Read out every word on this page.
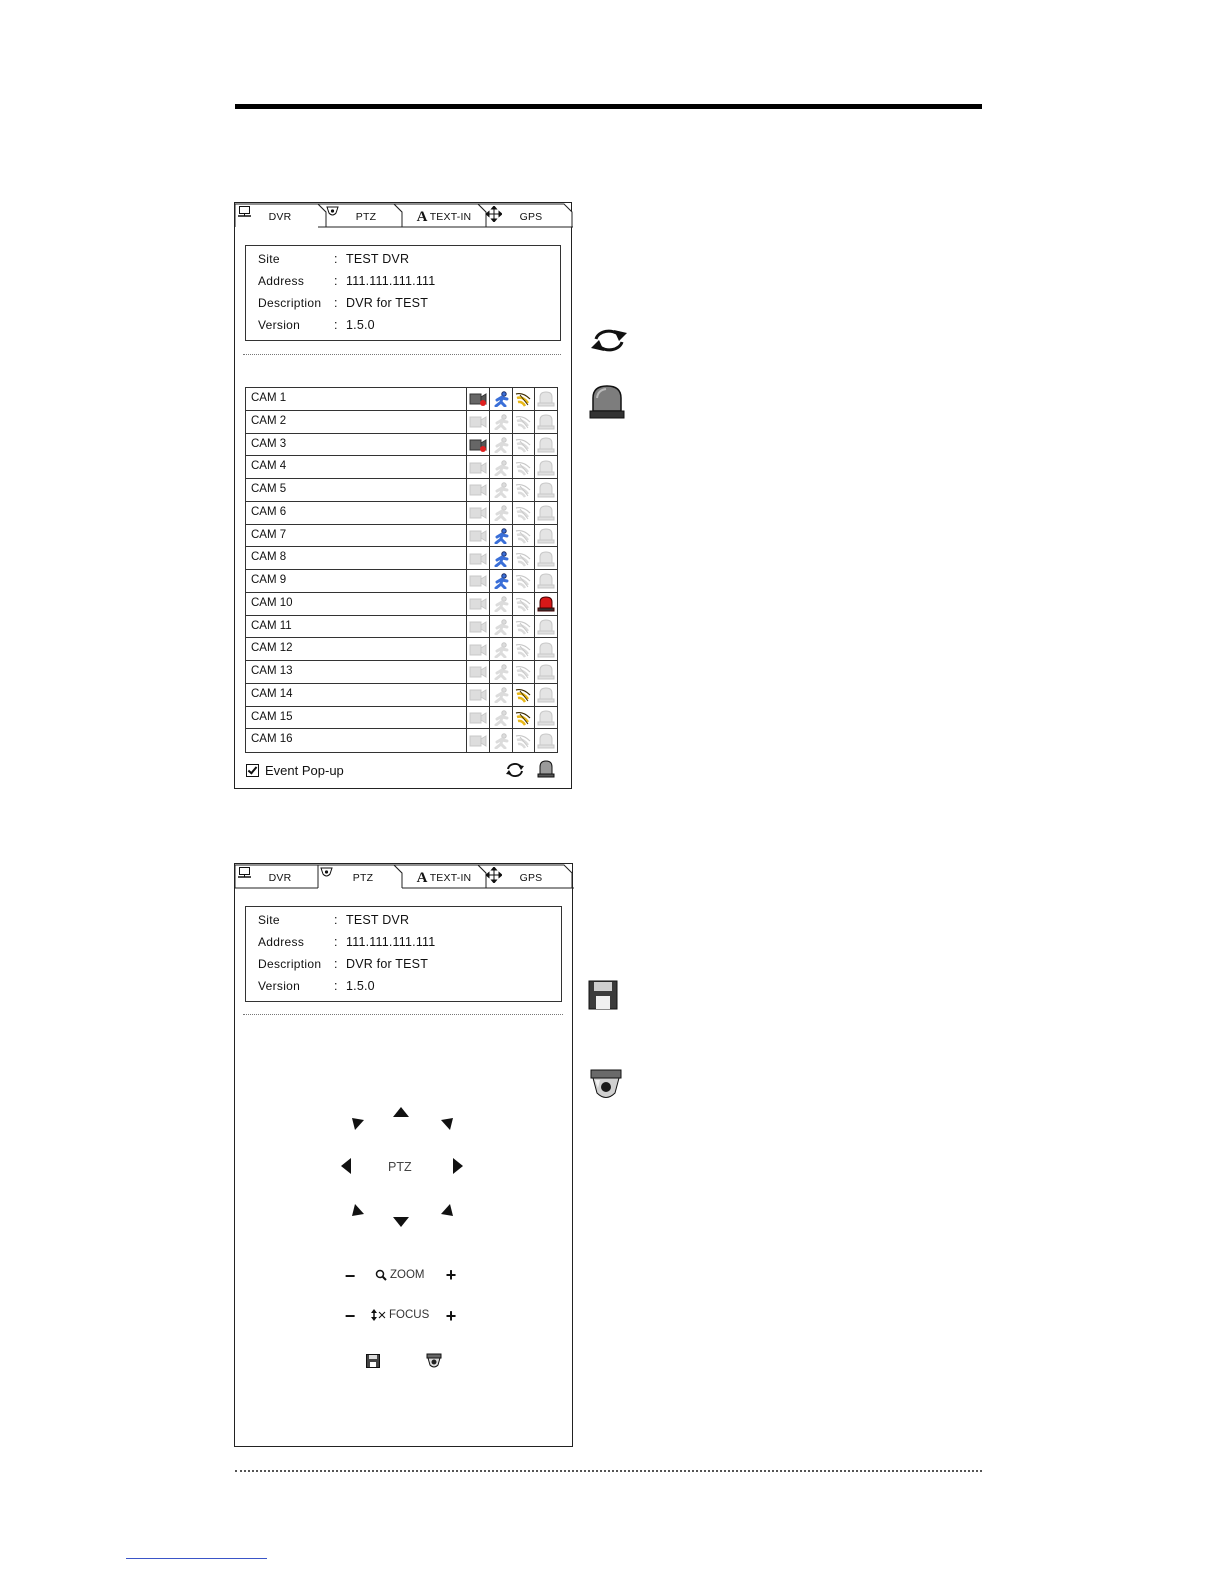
DVR	PTZ	A TEXT-IN	GPS
Site	: TEST DVR
Address	: 111.111.111.111
Description	: DVR for TEST
Version	: 1.5.0
CAM 1
CAM 2
CAM 3
CAM 4
CAM 5
CAM 6
CAM 7
CAM 8
CAM 9
CAM 10
CAM 11
CAM 12
CAM 13
CAM 14
CAM 15
CAM 16
Event Pop-up
DVR	PTZ	A TEXT-IN	GPS
Site	: TEST DVR
Address	: 111.111.111.111
Description	: DVR for TEST
Version	: 1.5.0
PTZ
−	ZOOM +
−	FOCUS +
